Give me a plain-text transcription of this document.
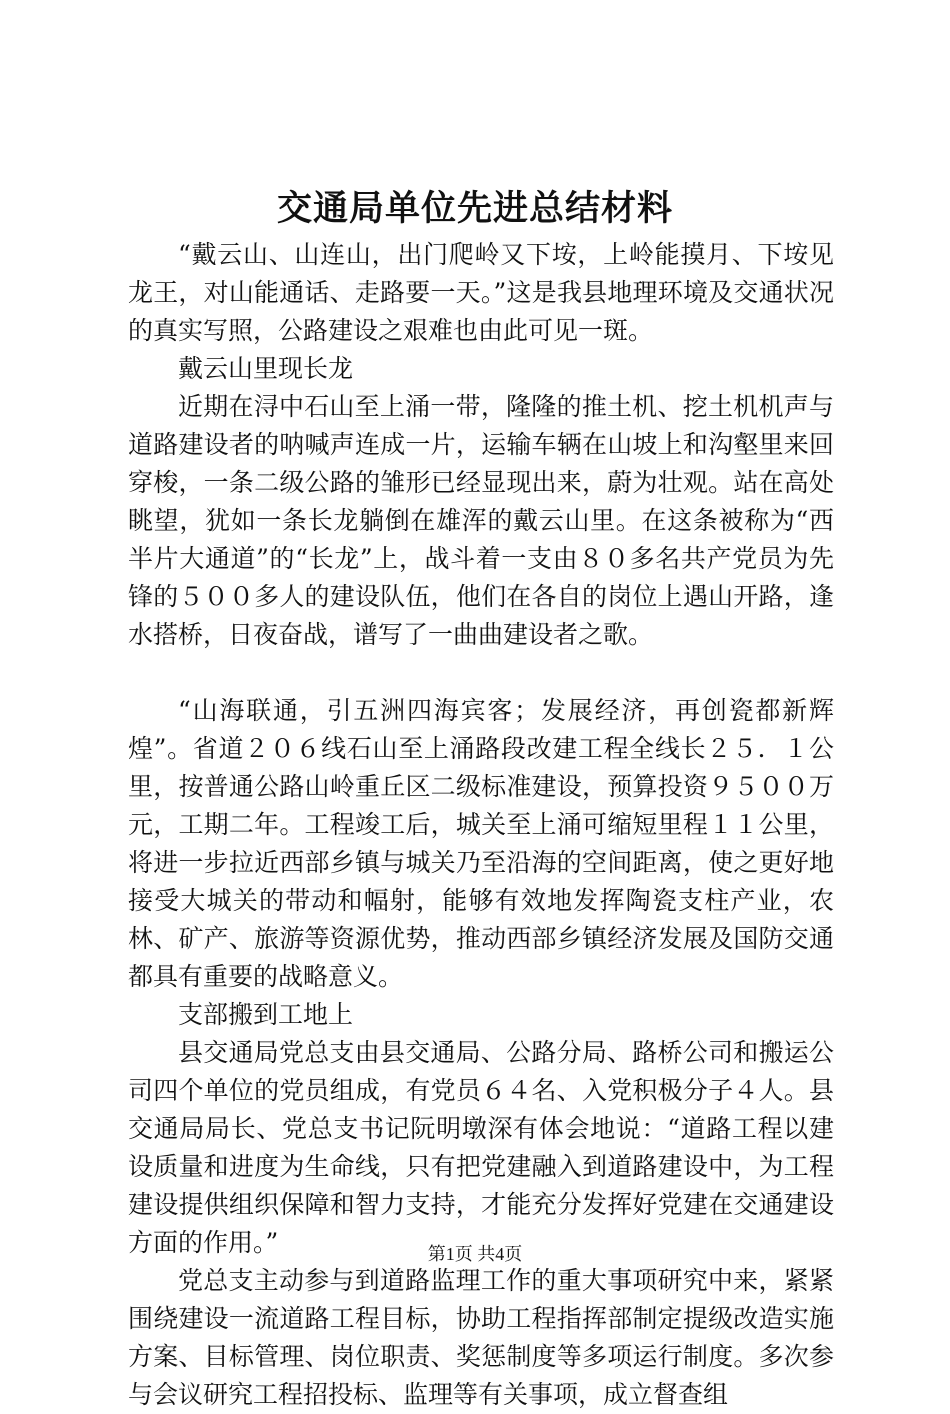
交通局单位先进总结材料

“戴云山、山连山，出门爬岭又下垵，上岭能摸月、下垵见龙王，对山能通话、走路要一天。”这是我县地理环境及交通状况的真实写照，公路建设之艰难也由此可见一斑。

戴云山里现长龙

近期在浔中石山至上涌一带，隆隆的推土机、挖土机机声与道路建设者的呐喊声连成一片，运输车辆在山坡上和沟壑里来回穿梭，一条二级公路的雏形已经显现出来，蔚为壮观。站在高处眺望，犹如一条长龙躺倒在雄浑的戴云山里。在这条被称为“西半片大通道”的“长龙”上，战斗着一支由８０多名共产党员为先锋的５００多人的建设队伍，他们在各自的岗位上遇山开路，逢水搭桥，日夜奋战，谱写了一曲曲建设者之歌。

“山海联通，引五洲四海宾客；发展经济，再创瓷都新辉煌”。省道２０６线石山至上涌路段改建工程全线长２５．１公里，按普通公路山岭重丘区二级标准建设，预算投资９５００万元，工期二年。工程竣工后，城关至上涌可缩短里程１１公里，将进一步拉近西部乡镇与城关乃至沿海的空间距离，使之更好地接受大城关的带动和幅射，能够有效地发挥陶瓷支柱产业，农林、矿产、旅游等资源优势，推动西部乡镇经济发展及国防交通都具有重要的战略意义。

支部搬到工地上

县交通局党总支由县交通局、公路分局、路桥公司和搬运公司四个单位的党员组成，有党员６４名、入党积极分子４人。县交通局局长、党总支书记阮明墩深有体会地说：“道路工程以建设质量和进度为生命线，只有把党建融入到道路建设中，为工程建设提供组织保障和智力支持，才能充分发挥好党建在交通建设方面的作用。”

党总支主动参与到道路监理工作的重大事项研究中来，紧紧围绕建设一流道路工程目标，协助工程指挥部制定提级改造实施方案、目标管理、岗位职责、奖惩制度等多项运行制度。多次参与会议研究工程招投标、监理等有关事项，成立督查组

第1页 共4页
